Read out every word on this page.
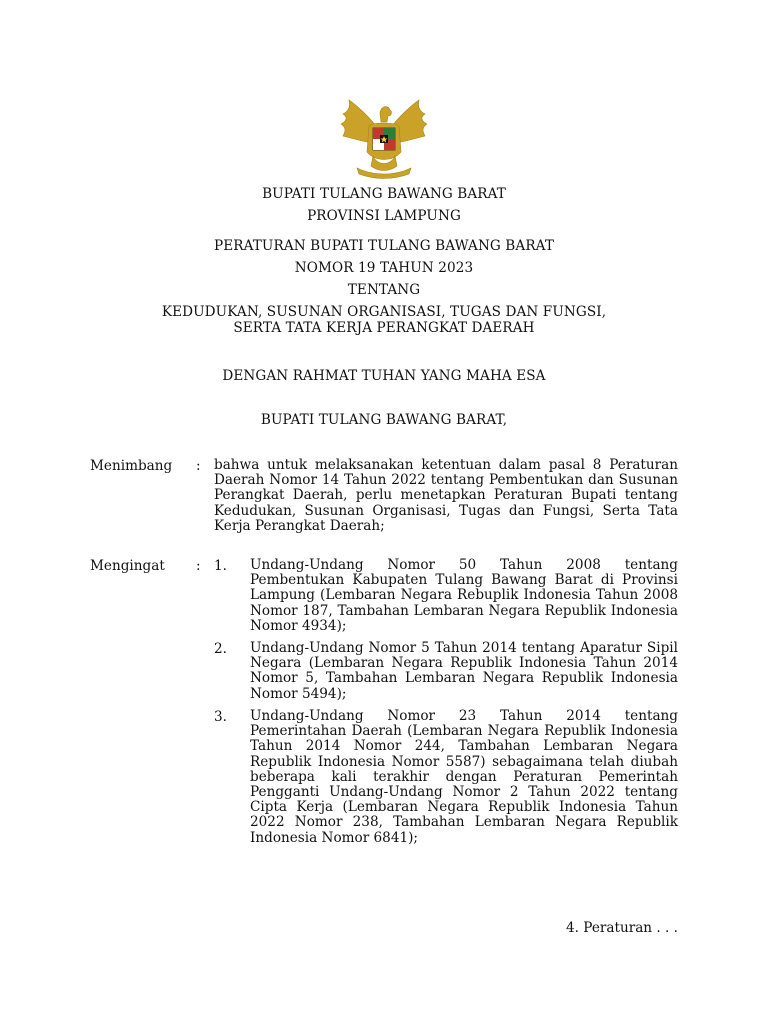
BUPATI TULANG BAWANG BARAT
PROVINSI LAMPUNG
PERATURAN BUPATI TULANG BAWANG BARAT
NOMOR 19 TAHUN 2023
TENTANG
KEDUDUKAN, SUSUNAN ORGANISASI, TUGAS DAN FUNGSI,
SERTA TATA KERJA PERANGKAT DAERAH
DENGAN RAHMAT TUHAN YANG MAHA ESA
BUPATI TULANG BAWANG BARAT,
Menimbang : bahwa untuk melaksanakan ketentuan dalam pasal 8 Peraturan Daerah Nomor 14 Tahun 2022 tentang Pembentukan dan Susunan Perangkat Daerah, perlu menetapkan Peraturan Bupati tentang Kedudukan, Susunan Organisasi, Tugas dan Fungsi, Serta Tata Kerja Perangkat Daerah;
Mengingat : 1. Undang-Undang Nomor 50 Tahun 2008 tentang Pembentukan Kabupaten Tulang Bawang Barat di Provinsi Lampung (Lembaran Negara Rebuplik Indonesia Tahun 2008 Nomor 187, Tambahan Lembaran Negara Republik Indonesia Nomor 4934);
2. Undang-Undang Nomor 5 Tahun 2014 tentang Aparatur Sipil Negara (Lembaran Negara Republik Indonesia Tahun 2014 Nomor 5, Tambahan Lembaran Negara Republik Indonesia Nomor 5494);
3. Undang-Undang Nomor 23 Tahun 2014 tentang Pemerintahan Daerah (Lembaran Negara Republik Indonesia Tahun 2014 Nomor 244, Tambahan Lembaran Negara Republik Indonesia Nomor 5587) sebagaimana telah diubah beberapa kali terakhir dengan Peraturan Pemerintah Pengganti Undang-Undang Nomor 2 Tahun 2022 tentang Cipta Kerja (Lembaran Negara Republik Indonesia Tahun 2022 Nomor 238, Tambahan Lembaran Negara Republik Indonesia Nomor 6841);
4. Peraturan . . .
